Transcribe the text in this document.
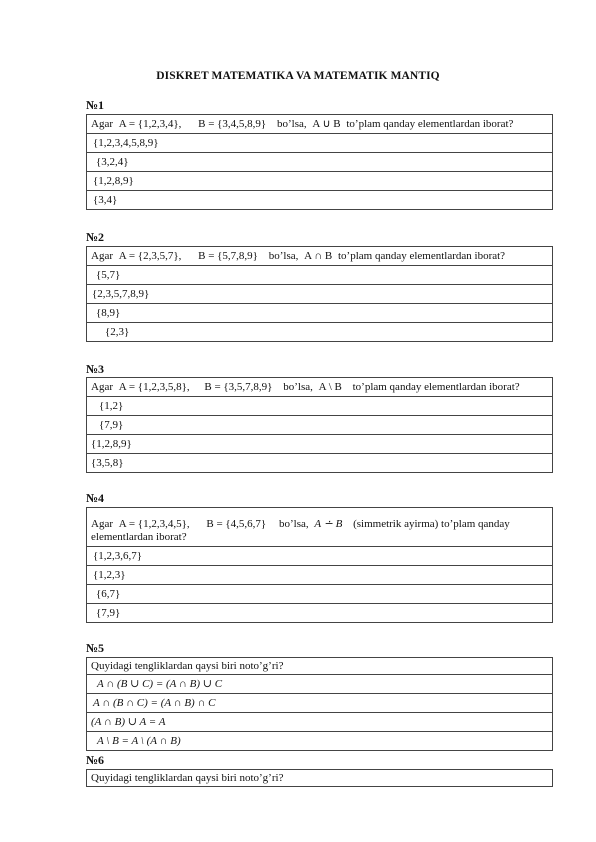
DISKRET MATEMATIKA VA MATEMATIK MANTIQ
№1
Agar A = {1,2,3,4}, B = {3,4,5,8,9} bo’lsa, A ∪ B to’plam qanday elementlardan iborat?
{1,2,3,4,5,8,9}
{3,2,4}
{1,2,8,9}
{3,4}
№2
Agar A = {2,3,5,7}, B = {5,7,8,9} bo’lsa, A ∩ B to’plam qanday elementlardan iborat?
{5,7}
{2,3,5,7,8,9}
{8,9}
{2,3}
№3
Agar A = {1,2,3,5,8}, B = {3,5,7,8,9} bo’lsa, A \ B to’plam qanday elementlardan iborat?
{1,2}
{7,9}
{1,2,8,9}
{3,5,8}
№4
Agar A = {1,2,3,4,5}, B = {4,5,6,7} bo’lsa, A ∸ B (simmetrik ayirma) to’plam qanday
elementlardan iborat?
{1,2,3,6,7}
{1,2,3}
{6,7}
{7,9}
№5
Quyidagi tengliklardan qaysi biri noto’g’ri?
A ∩ (B ∪ C) = (A ∩ B) ∪ C
A ∩ (B ∩ C) = (A ∩ B) ∩ C
(A ∩ B) ∪ A = A
A \ B = A \ (A ∩ B)
№6
Quyidagi tengliklardan qaysi biri noto’g’ri?
